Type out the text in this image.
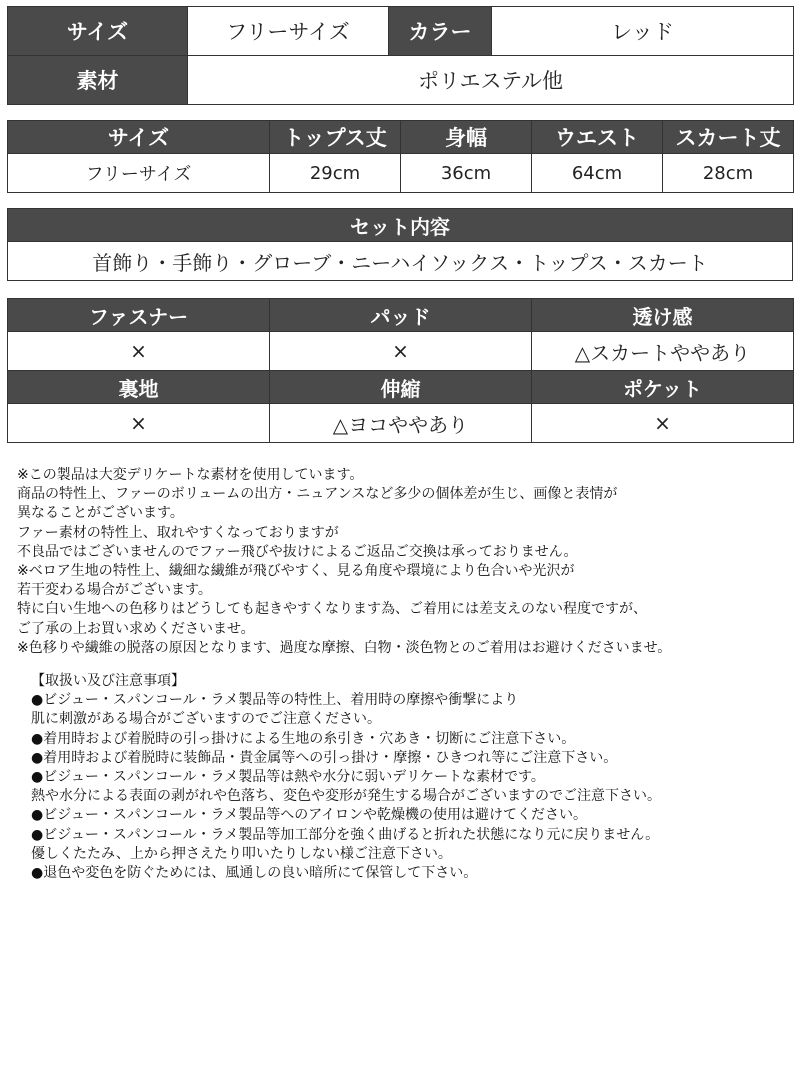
サイズ	フリーサイズ	カラー	レッド
素材	ポリエステル他		
サイズ	トップス丈	身幅	ウエスト	スカート丈
フリーサイズ	29cm	36cm	64cm	28cm
セット内容
首飾り・手飾り・グローブ・ニーハイソックス・トップス・スカート
ファスナー	パッド	透け感
×	×	△スカートややあり
裏地	伸縮	ポケット
×	△ヨコややあり	×
※この製品は大変デリケートな素材を使用しています。
商品の特性上、ファーのボリュームの出方・ニュアンスなど多少の個体差が生じ、画像と表情が
異なることがございます。
ファー素材の特性上、取れやすくなっておりますが
不良品ではございませんのでファー飛びや抜けによるご返品ご交換は承っておりません。
※ベロア生地の特性上、繊細な繊維が飛びやすく、見る角度や環境により色合いや光沢が
若干変わる場合がございます。
特に白い生地への色移りはどうしても起きやすくなります為、ご着用には差支えのない程度ですが、
ご了承の上お買い求めくださいませ。
※色移りや繊維の脱落の原因となります、過度な摩擦、白物・淡色物とのご着用はお避けくださいませ。
【取扱い及び注意事項】
●ビジュー・スパンコール・ラメ製品等の特性上、着用時の摩擦や衝撃により
肌に刺激がある場合がございますのでご注意ください。
●着用時および着脱時の引っ掛けによる生地の糸引き・穴あき・切断にご注意下さい。
●着用時および着脱時に装飾品・貴金属等への引っ掛け・摩擦・ひきつれ等にご注意下さい。
●ビジュー・スパンコール・ラメ製品等は熱や水分に弱いデリケートな素材です。
熱や水分による表面の剥がれや色落ち、変色や変形が発生する場合がございますのでご注意下さい。
●ビジュー・スパンコール・ラメ製品等へのアイロンや乾燥機の使用は避けてください。
●ビジュー・スパンコール・ラメ製品等加工部分を強く曲げると折れた状態になり元に戻りません。
優しくたたみ、上から押さえたり叩いたりしない様ご注意下さい。
●退色や変色を防ぐためには、風通しの良い暗所にて保管して下さい。
